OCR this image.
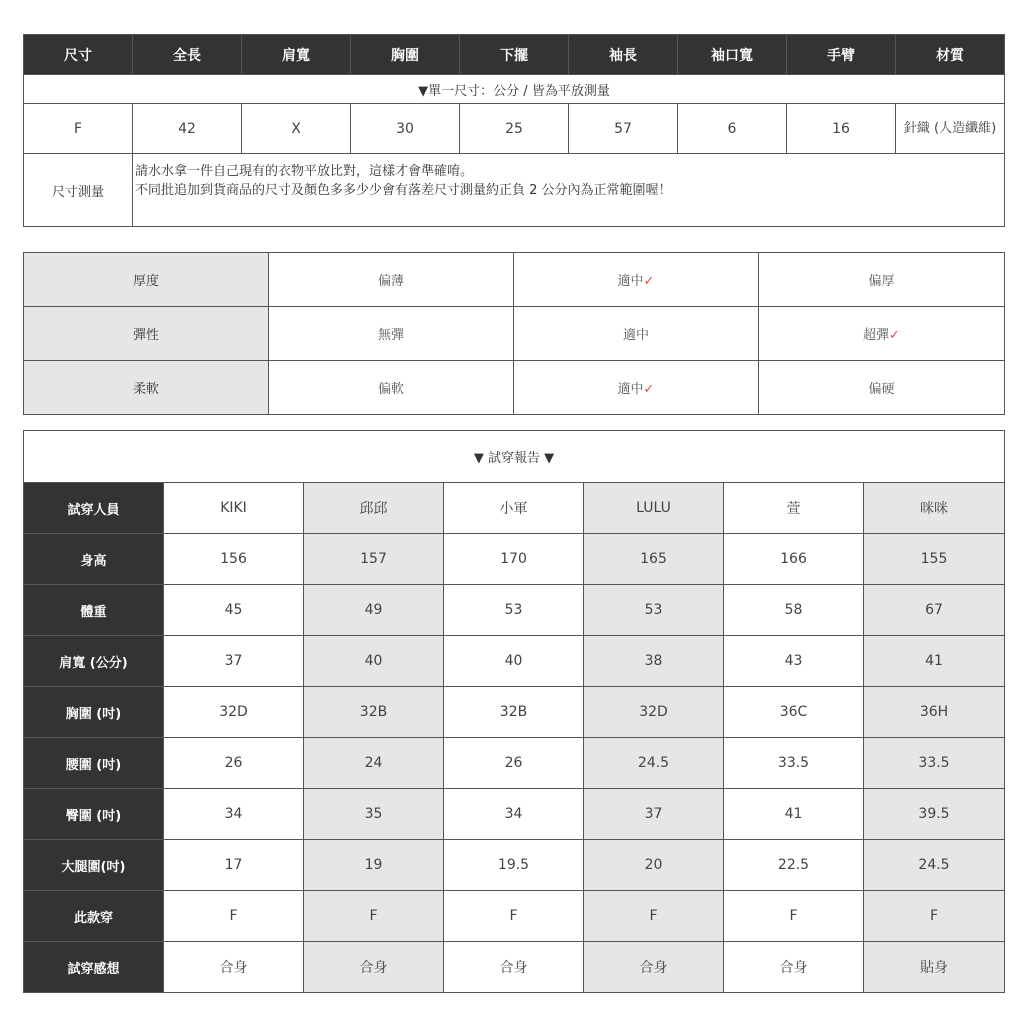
▼單一尺寸：公分 / 皆為平放測量								
尺寸	全長	肩寬	胸圍	下擺	袖長	袖口寬	手臂	材質
F	42	X	30	25	57	6	16	針織 (人造纖維)
尺寸測量	請水水拿一件自己現有的衣物平放比對，這樣才會準確唷。
不同批追加到貨商品的尺寸及顏色多多少少會有落差尺寸測量約正負 2 公分內為正常範圍喔！							
厚度	偏薄	適中✓	偏厚
彈性	無彈	適中	超彈✓
柔軟	偏軟	適中✓	偏硬
▼ 試穿報告 ▼						
試穿人員	KIKI	邱邱	小軍	LULU	萱	咪咪
身高	156	157	170	165	166	155
體重	45	49	53	53	58	67
肩寬 (公分)	37	40	40	38	43	41
胸圍 (吋)	32D	32B	32B	32D	36C	36H
腰圍 (吋)	26	24	26	24.5	33.5	33.5
臀圍 (吋)	34	35	34	37	41	39.5
大腿圍(吋)	17	19	19.5	20	22.5	24.5
此款穿	F	F	F	F	F	F
試穿感想	合身	合身	合身	合身	合身	貼身
